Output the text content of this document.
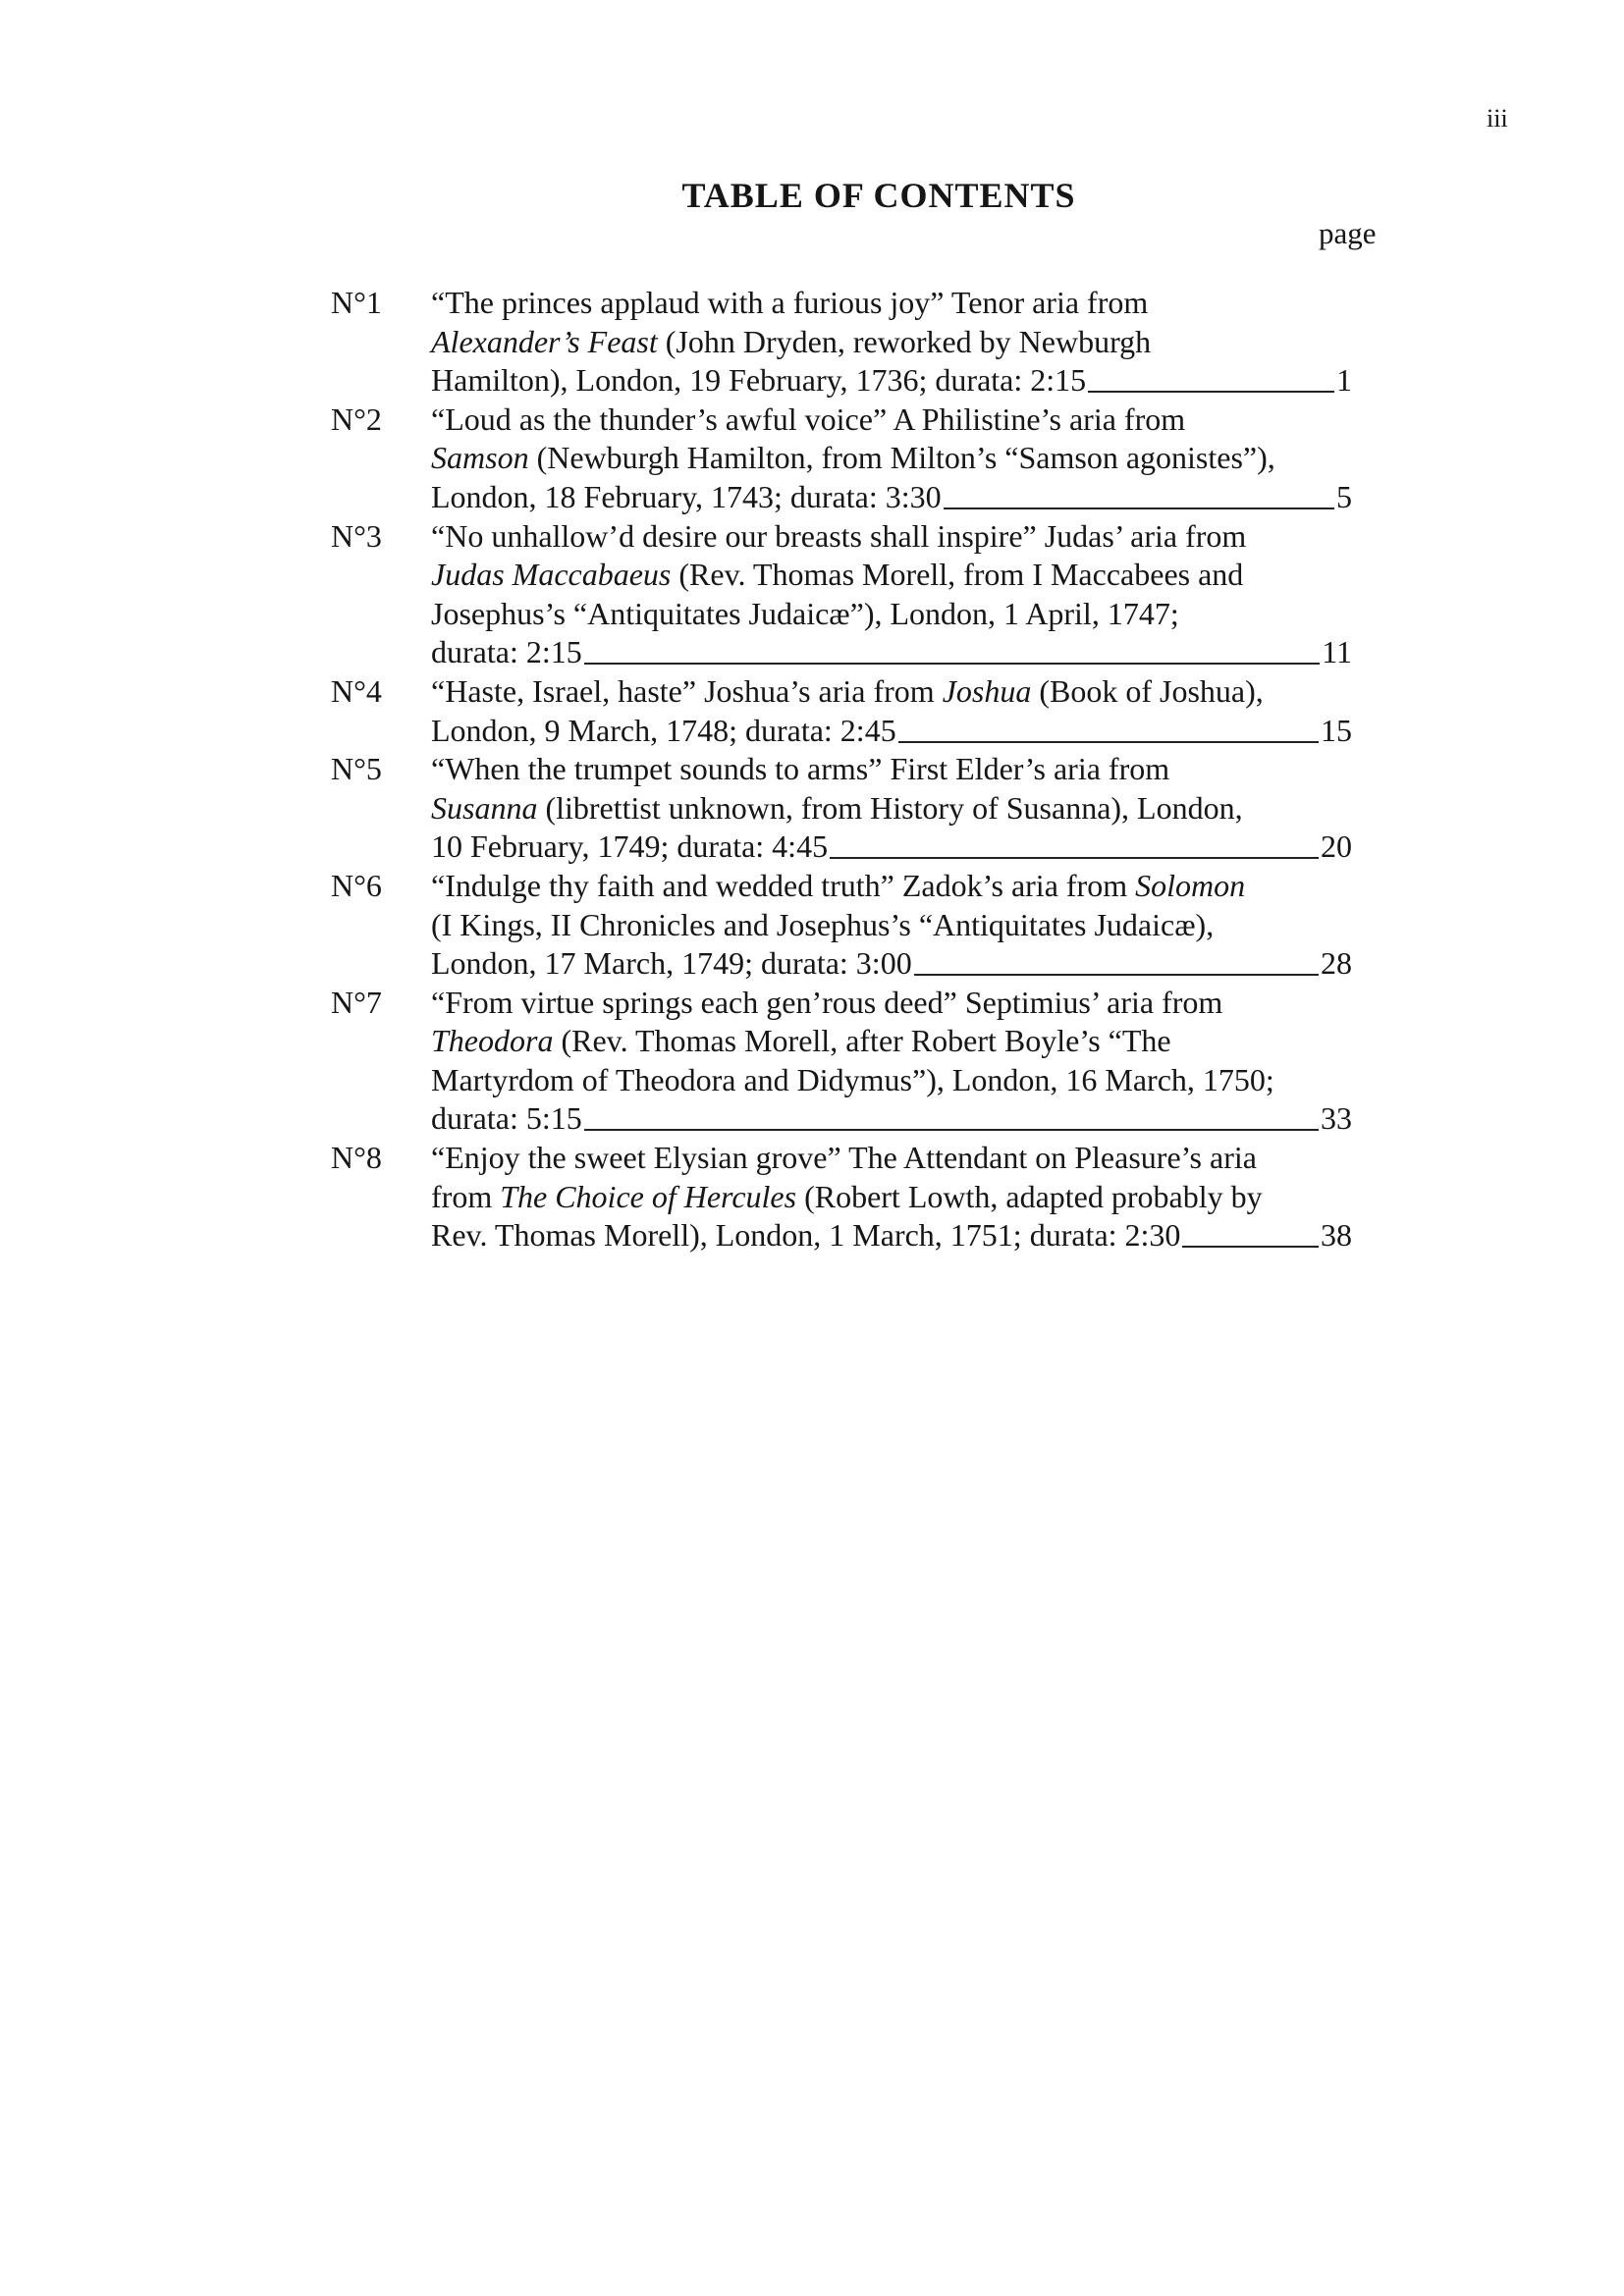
iii
TABLE OF CONTENTS
page
N°1	“The princes applaud with a furious joy” Tenor aria from
Alexander’s Feast (John Dryden, reworked by Newburgh
Hamilton), London, 19 February, 1736; durata: 2:15	1
N°2	“Loud as the thunder’s awful voice” A Philistine’s aria from
Samson (Newburgh Hamilton, from Milton’s “Samson agonistes”),
London, 18 February, 1743; durata: 3:30	5
N°3	“No unhallow’d desire our breasts shall inspire” Judas’ aria from
Judas Maccabaeus (Rev. Thomas Morell, from I Maccabees and
Josephus’s “Antiquitates Judaicæ”), London, 1 April, 1747;
durata: 2:15	11
N°4	“Haste, Israel, haste” Joshua’s aria from Joshua (Book of Joshua),
London, 9 March, 1748; durata: 2:45	15
N°5	“When the trumpet sounds to arms” First Elder’s aria from
Susanna (librettist unknown, from History of Susanna), London,
10 February, 1749; durata: 4:45	20
N°6	“Indulge thy faith and wedded truth” Zadok’s aria from Solomon
(I Kings, II Chronicles and Josephus’s “Antiquitates Judaicæ),
London, 17 March, 1749; durata: 3:00	28
N°7	“From virtue springs each gen’rous deed” Septimius’ aria from
Theodora (Rev. Thomas Morell, after Robert Boyle’s “The
Martyrdom of Theodora and Didymus”), London, 16 March, 1750;
durata: 5:15	33
N°8	“Enjoy the sweet Elysian grove” The Attendant on Pleasure’s aria
from The Choice of Hercules (Robert Lowth, adapted probably by
Rev. Thomas Morell), London, 1 March, 1751; durata: 2:30	38
